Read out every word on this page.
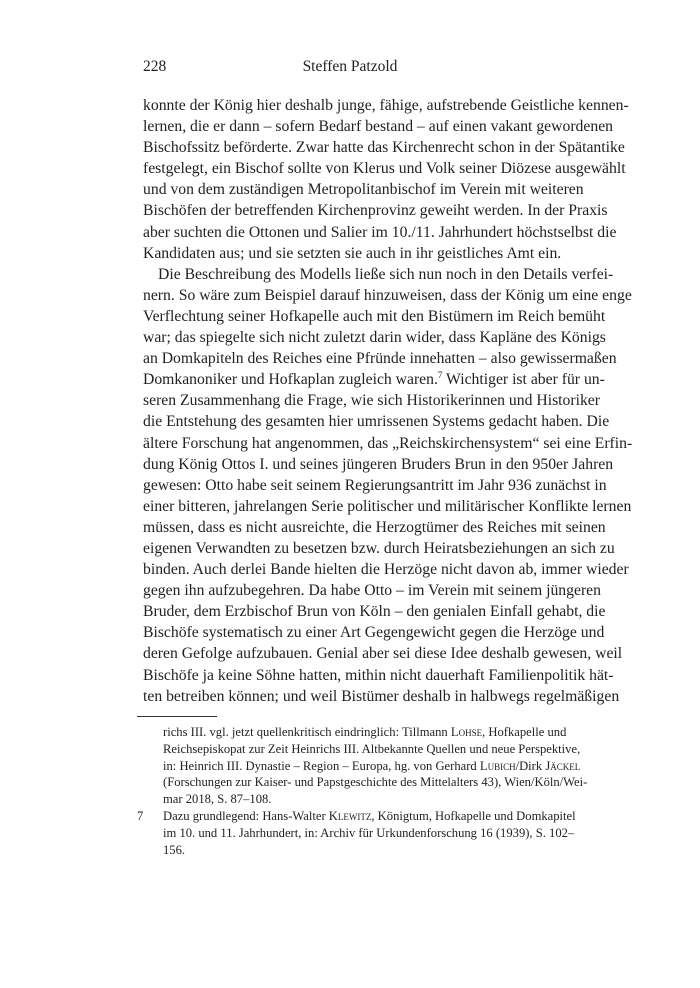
228	Steffen Patzold
konnte der König hier deshalb junge, fähige, aufstrebende Geistliche kennen-
lernen, die er dann – sofern Bedarf bestand – auf einen vakant gewordenen
Bischofssitz beförderte. Zwar hatte das Kirchenrecht schon in der Spätantike
festgelegt, ein Bischof sollte von Klerus und Volk seiner Diözese ausgewählt
und von dem zuständigen Metropolitanbischof im Verein mit weiteren
Bischöfen der betreffenden Kirchenprovinz geweiht werden. In der Praxis
aber suchten die Ottonen und Salier im 10./11. Jahrhundert höchstselbst die
Kandidaten aus; und sie setzten sie auch in ihr geistliches Amt ein.
Die Beschreibung des Modells ließe sich nun noch in den Details verfei-
nern. So wäre zum Beispiel darauf hinzuweisen, dass der König um eine enge
Verflechtung seiner Hofkapelle auch mit den Bistümern im Reich bemüht
war; das spiegelte sich nicht zuletzt darin wider, dass Kapläne des Königs
an Domkapiteln des Reiches eine Pfründe innehatten – also gewissermaßen
Domkanoniker und Hofkaplan zugleich waren.$^7$ Wichtiger ist aber für un-
seren Zusammenhang die Frage, wie sich Historikerinnen und Historiker
die Entstehung des gesamten hier umrissenen Systems gedacht haben. Die
ältere Forschung hat angenommen, das „Reichskirchensystem“ sei eine Erfin-
dung König Ottos I. und seines jüngeren Bruders Brun in den 950er Jahren
gewesen: Otto habe seit seinem Regierungsantritt im Jahr 936 zunächst in
einer bitteren, jahrelangen Serie politischer und militärischer Konflikte lernen
müssen, dass es nicht ausreichte, die Herzogtümer des Reiches mit seinen
eigenen Verwandten zu besetzen bzw. durch Heiratsbeziehungen an sich zu
binden. Auch derlei Bande hielten die Herzöge nicht davon ab, immer wieder
gegen ihn aufzubegehren. Da habe Otto – im Verein mit seinem jüngeren
Bruder, dem Erzbischof Brun von Köln – den genialen Einfall gehabt, die
Bischöfe systematisch zu einer Art Gegengewicht gegen die Herzöge und
deren Gefolge aufzubauen. Genial aber sei diese Idee deshalb gewesen, weil
Bischöfe ja keine Söhne hatten, mithin nicht dauerhaft Familienpolitik hät-
ten betreiben können; und weil Bistümer deshalb in halbwegs regelmäßigen
richs III. vgl. jetzt quellenkritisch eindringlich: Tillmann Lohse, Hofkapelle und
Reichsepiskopat zur Zeit Heinrichs III. Altbekannte Quellen und neue Perspektive,
in: Heinrich III. Dynastie – Region – Europa, hg. von Gerhard Lubich/Dirk Jäckel
(Forschungen zur Kaiser- und Papstgeschichte des Mittelalters 43), Wien/Köln/Wei-
mar 2018, S. 87–108.
7 Dazu grundlegend: Hans-Walter Klewitz, Königtum, Hofkapelle und Domkapitel
im 10. und 11. Jahrhundert, in: Archiv für Urkundenforschung 16 (1939), S. 102–
156.
